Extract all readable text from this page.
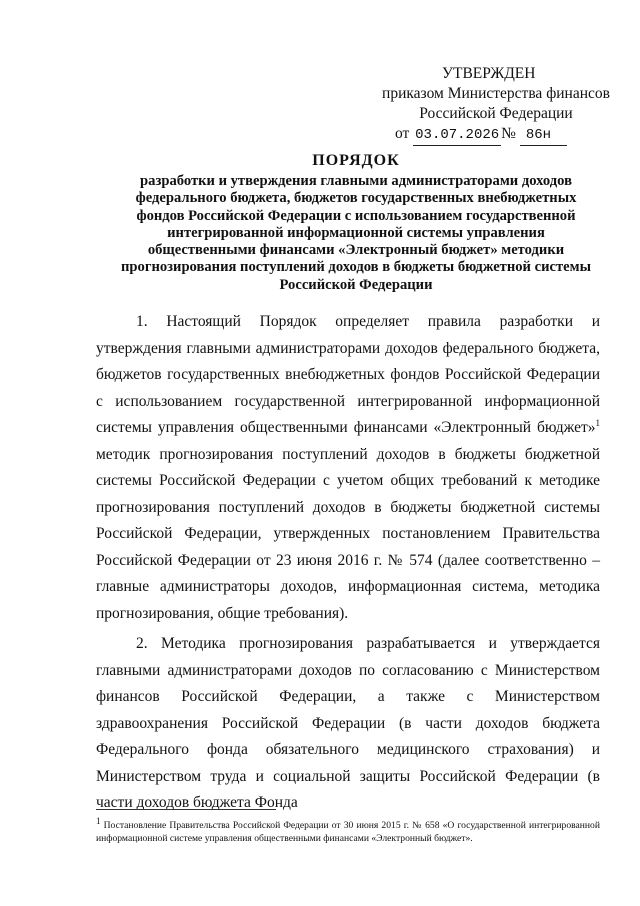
УТВЕРЖДЕН
приказом Министерства финансов
Российской Федерации
от
03.07.2026 №
86н
ПОРЯДОК
разработки и утверждения главными администраторами доходов
федерального бюджета, бюджетов государственных внебюджетных
фондов Российской Федерации с использованием государственной
интегрированной информационной системы управления
общественными финансами «Электронный бюджет» методики
прогнозирования поступлений доходов в бюджеты бюджетной системы
Российской Федерации

1. Настоящий Порядок определяет правила разработки и утверждения главными администраторами доходов федерального бюджета, бюджетов государственных внебюджетных фондов Российской Федерации с использованием государственной интегрированной информационной системы управления общественными финансами «Электронный бюджет»$^1$ методик прогнозирования поступлений доходов в бюджеты бюджетной системы Российской Федерации с учетом общих требований к методике прогнозирования поступлений доходов в бюджеты бюджетной системы Российской Федерации, утвержденных постановлением Правительства Российской Федерации от 23 июня 2016 г. № 574 (далее соответственно – главные администраторы доходов, информационная система, методика прогнозирования, общие требования).

2. Методика прогнозирования разрабатывается и утверждается главными администраторами доходов по согласованию с Министерством финансов Российской Федерации, а также с Министерством здравоохранения Российской Федерации (в части доходов бюджета Федерального фонда обязательного медицинского страхования) и Министерством труда и социальной защиты Российской Федерации (в части доходов бюджета Фонда

$^1$ Постановление Правительства Российской Федерации от 30 июня 2015 г. № 658 «О государственной интегрированной информационной системе управления общественными финансами «Электронный бюджет».
